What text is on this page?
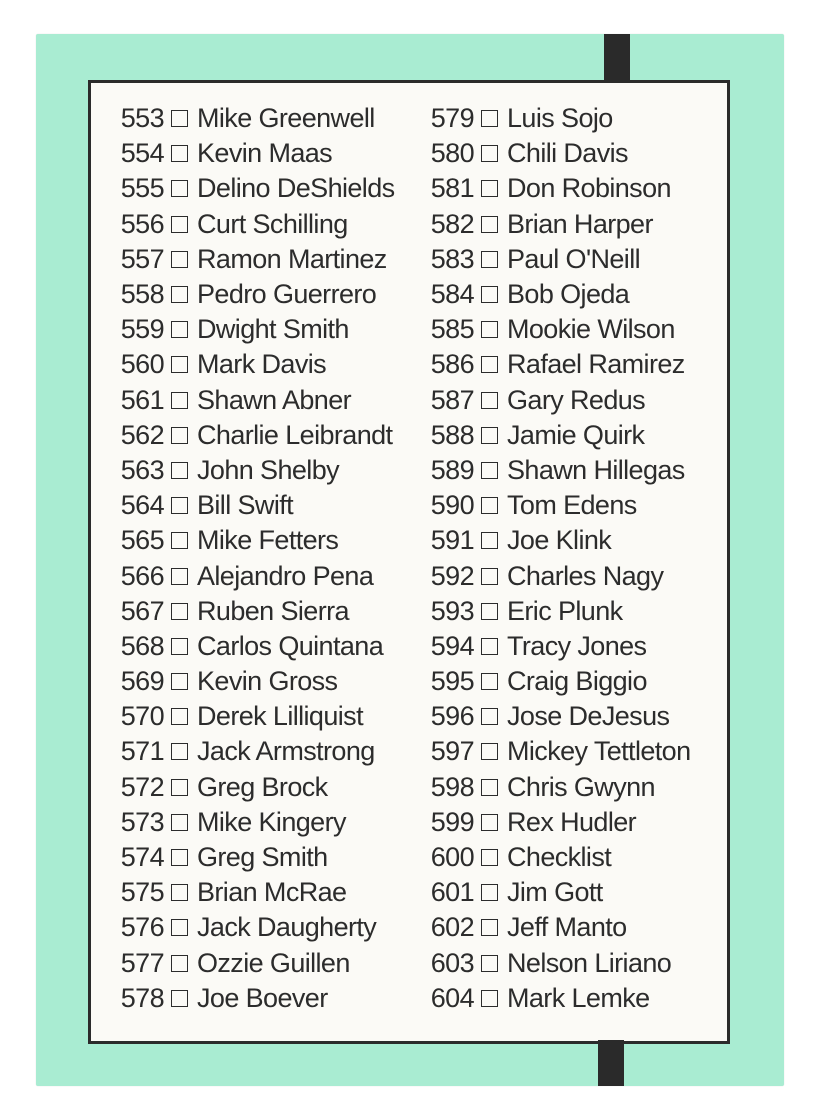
553 Mike Greenwell
554 Kevin Maas
555 Delino DeShields
556 Curt Schilling
557 Ramon Martinez
558 Pedro Guerrero
559 Dwight Smith
560 Mark Davis
561 Shawn Abner
562 Charlie Leibrandt
563 John Shelby
564 Bill Swift
565 Mike Fetters
566 Alejandro Pena
567 Ruben Sierra
568 Carlos Quintana
569 Kevin Gross
570 Derek Lilliquist
571 Jack Armstrong
572 Greg Brock
573 Mike Kingery
574 Greg Smith
575 Brian McRae
576 Jack Daugherty
577 Ozzie Guillen
578 Joe Boever
579 Luis Sojo
580 Chili Davis
581 Don Robinson
582 Brian Harper
583 Paul O'Neill
584 Bob Ojeda
585 Mookie Wilson
586 Rafael Ramirez
587 Gary Redus
588 Jamie Quirk
589 Shawn Hillegas
590 Tom Edens
591 Joe Klink
592 Charles Nagy
593 Eric Plunk
594 Tracy Jones
595 Craig Biggio
596 Jose DeJesus
597 Mickey Tettleton
598 Chris Gwynn
599 Rex Hudler
600 Checklist
601 Jim Gott
602 Jeff Manto
603 Nelson Liriano
604 Mark Lemke
